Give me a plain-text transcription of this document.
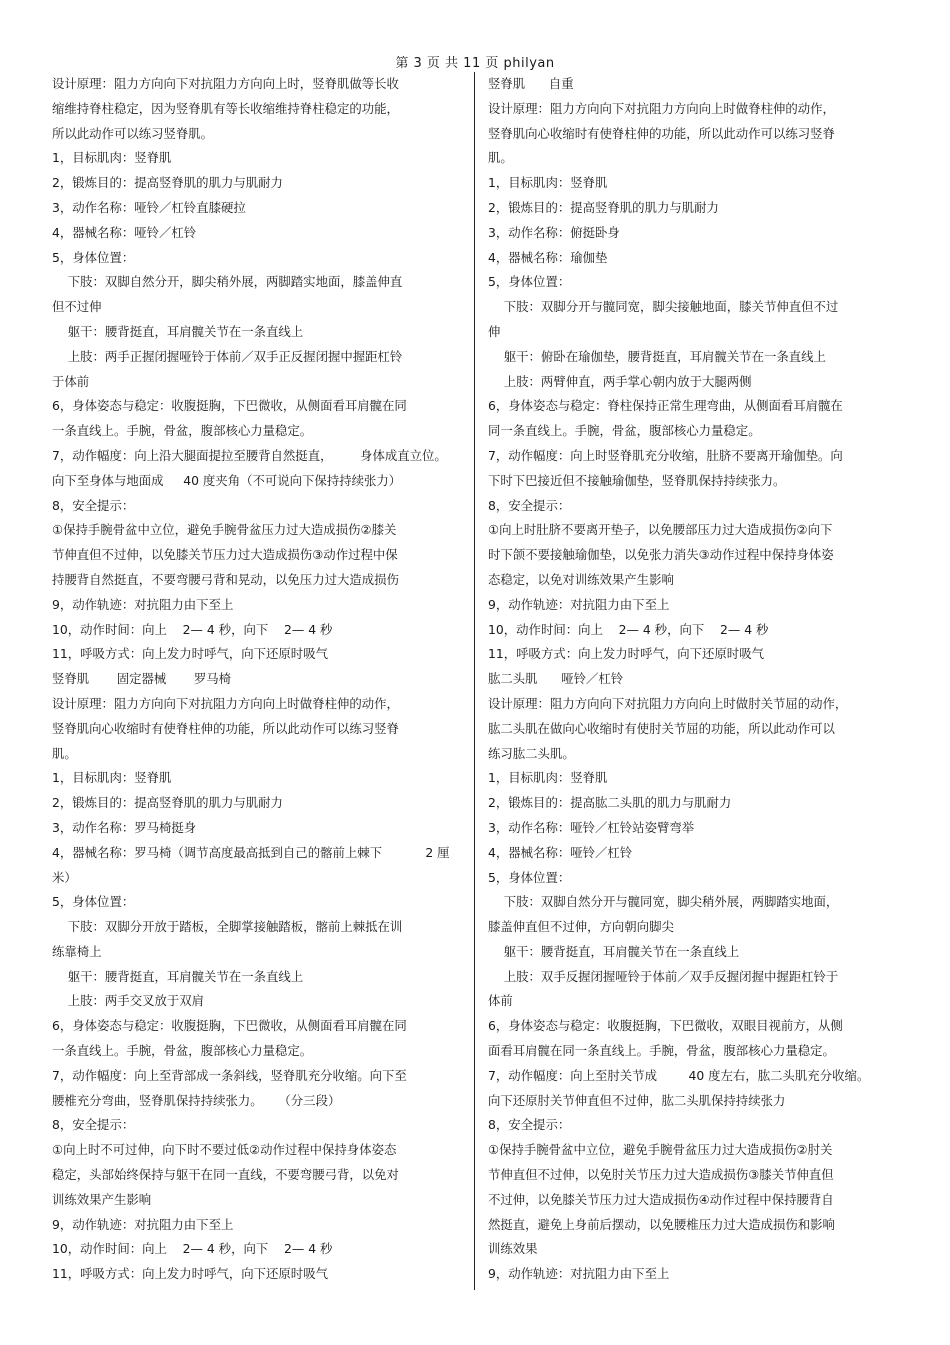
第 3 页 共 11 页 philyan
设计原理：阻力方向向下对抗阻力方向向上时，竖脊肌做等长收
缩维持脊柱稳定，因为竖脊肌有等长收缩维持脊柱稳定的功能，
所以此动作可以练习竖脊肌。
1，目标肌肉：竖脊肌
2，锻炼目的：提高竖脊肌的肌力与肌耐力
3，动作名称：哑铃／杠铃直膝硬拉
4，器械名称：哑铃／杠铃
5，身体位置：
下肢：双脚自然分开，脚尖稍外展，两脚踏实地面，膝盖伸直
但不过伸
躯干：腰背挺直，耳肩髋关节在一条直线上
上肢：两手正握闭握哑铃于体前／双手正反握闭握中握距杠铃
于体前
6，身体姿态与稳定：收腹挺胸，下巴微收，从侧面看耳肩髋在同
一条直线上。手腕，骨盆，腹部核心力量稳定。
7，动作幅度：向上沿大腿面提拉至腰背自然挺直，       身体成直立位。
向下至身体与地面成     40 度夹角（不可说向下保持持续张力）
8，安全提示：
①保持手腕骨盆中立位，避免手腕骨盆压力过大造成损伤②膝关
节伸直但不过伸，以免膝关节压力过大造成损伤③动作过程中保
持腰背自然挺直，不要弯腰弓背和晃动，以免压力过大造成损伤
9，动作轨迹：对抗阻力由下至上
10，动作时间：向上    2— 4 秒，向下    2— 4 秒
11，呼吸方式：向上发力时呼气，向下还原时吸气
竖脊肌       固定器械       罗马椅
设计原理：阻力方向向下对抗阻力方向向上时做脊柱伸的动作，
竖脊肌向心收缩时有使脊柱伸的功能，所以此动作可以练习竖脊
肌。
1，目标肌肉：竖脊肌
2，锻炼目的：提高竖脊肌的肌力与肌耐力
3，动作名称：罗马椅挺身
4，器械名称：罗马椅（调节高度最高抵到自己的髂前上棘下           2 厘
米）
5，身体位置：
下肢：双脚分开放于踏板，全脚掌接触踏板，髂前上棘抵在训
练靠椅上
躯干：腰背挺直，耳肩髋关节在一条直线上
上肢：两手交叉放于双肩
6，身体姿态与稳定：收腹挺胸，下巴微收，从侧面看耳肩髋在同
一条直线上。手腕，骨盆，腹部核心力量稳定。
7，动作幅度：向上至背部成一条斜线，竖脊肌充分收缩。向下至
腰椎充分弯曲，竖脊肌保持持续张力。    （分三段）
8，安全提示：
①向上时不可过伸，向下时不要过低②动作过程中保持身体姿态
稳定，头部始终保持与躯干在同一直线，不要弯腰弓背，以免对
训练效果产生影响
9，动作轨迹：对抗阻力由下至上
10，动作时间：向上    2— 4 秒，向下    2— 4 秒
11，呼吸方式：向上发力时呼气，向下还原时吸气
竖脊肌      自重
设计原理：阻力方向向下对抗阻力方向向上时做脊柱伸的动作，
竖脊肌向心收缩时有使脊柱伸的功能，所以此动作可以练习竖脊
肌。
1，目标肌肉：竖脊肌
2，锻炼目的：提高竖脊肌的肌力与肌耐力
3，动作名称：俯挺卧身
4，器械名称：瑜伽垫
5，身体位置：
下肢：双脚分开与髋同宽，脚尖接触地面，膝关节伸直但不过
伸
躯干：俯卧在瑜伽垫，腰背挺直，耳肩髋关节在一条直线上
上肢：两臂伸直，两手掌心朝内放于大腿两侧
6，身体姿态与稳定：脊柱保持正常生理弯曲，从侧面看耳肩髋在
同一条直线上。手腕，骨盆，腹部核心力量稳定。
7，动作幅度：向上时竖脊肌充分收缩，肚脐不要离开瑜伽垫。向
下时下巴接近但不接触瑜伽垫，竖脊肌保持持续张力。
8，安全提示：
①向上时肚脐不要离开垫子，以免腰部压力过大造成损伤②向下
时下颌不要接触瑜伽垫，以免张力消失③动作过程中保持身体姿
态稳定，以免对训练效果产生影响
9，动作轨迹：对抗阻力由下至上
10，动作时间：向上    2— 4 秒，向下    2— 4 秒
11，呼吸方式：向上发力时呼气，向下还原时吸气
肱二头肌      哑铃／杠铃
设计原理：阻力方向向下对抗阻力方向向上时做肘关节屈的动作，
肱二头肌在做向心收缩时有使肘关节屈的功能，所以此动作可以
练习肱二头肌。
1，目标肌肉：竖脊肌
2，锻炼目的：提高肱二头肌的肌力与肌耐力
3，动作名称：哑铃／杠铃站姿臂弯举
4，器械名称：哑铃／杠铃
5，身体位置：
下肢：双脚自然分开与髋同宽，脚尖稍外展，两脚踏实地面，
膝盖伸直但不过伸，方向朝向脚尖
躯干：腰背挺直，耳肩髋关节在一条直线上
上肢：双手反握闭握哑铃于体前／双手反握闭握中握距杠铃于
体前
6，身体姿态与稳定：收腹挺胸，下巴微收，双眼目视前方，从侧
面看耳肩髋在同一条直线上。手腕，骨盆，腹部核心力量稳定。
7，动作幅度：向上至肘关节成        40 度左右，肱二头肌充分收缩。
向下还原肘关节伸直但不过伸，肱二头肌保持持续张力
8，安全提示：
①保持手腕骨盆中立位，避免手腕骨盆压力过大造成损伤②肘关
节伸直但不过伸，以免肘关节压力过大造成损伤③膝关节伸直但
不过伸，以免膝关节压力过大造成损伤④动作过程中保持腰背自
然挺直，避免上身前后摆动，以免腰椎压力过大造成损伤和影响
训练效果
9，动作轨迹：对抗阻力由下至上
